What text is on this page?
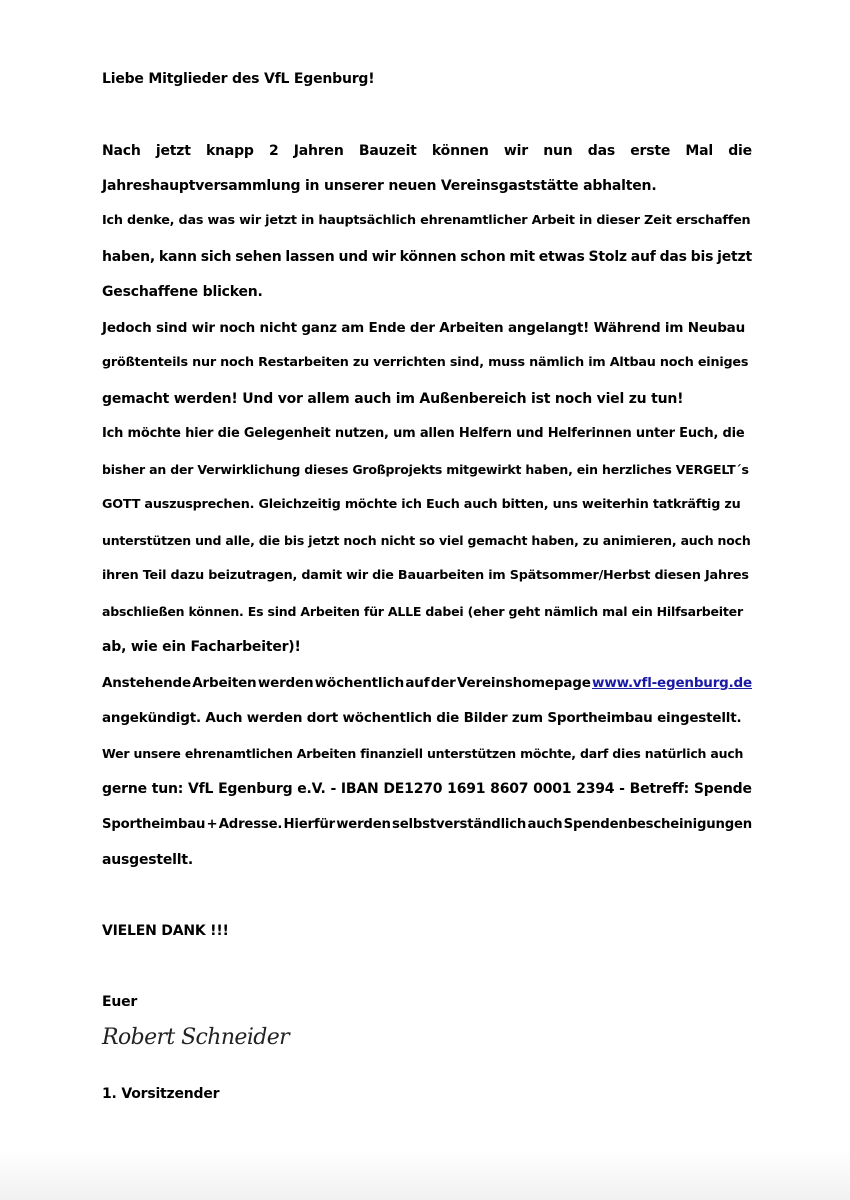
Liebe Mitglieder des VfL Egenburg!
Nach jetzt knapp 2 Jahren Bauzeit können wir nun das erste Mal die
Jahreshauptversammlung in unserer neuen Vereinsgaststätte abhalten.
Ich denke, das was wir jetzt in hauptsächlich ehrenamtlicher Arbeit in dieser Zeit erschaffen
haben, kann sich sehen lassen und wir können schon mit etwas Stolz auf das bis jetzt
Geschaffene blicken.
Jedoch sind wir noch nicht ganz am Ende der Arbeiten angelangt! Während im Neubau
größtenteils nur noch Restarbeiten zu verrichten sind, muss nämlich im Altbau noch einiges
gemacht werden! Und vor allem auch im Außenbereich ist noch viel zu tun!
Ich möchte hier die Gelegenheit nutzen, um allen Helfern und Helferinnen unter Euch, die
bisher an der Verwirklichung dieses Großprojekts mitgewirkt haben, ein herzliches VERGELT´s
GOTT auszusprechen. Gleichzeitig möchte ich Euch auch bitten, uns weiterhin tatkräftig zu
unterstützen und alle, die bis jetzt noch nicht so viel gemacht haben, zu animieren, auch noch
ihren Teil dazu beizutragen, damit wir die Bauarbeiten im Spätsommer/Herbst diesen Jahres
abschließen können. Es sind Arbeiten für ALLE dabei (eher geht nämlich mal ein Hilfsarbeiter
ab, wie ein Facharbeiter)!
Anstehende Arbeiten werden wöchentlich auf der Vereinshomepage www.vfl-egenburg.de
angekündigt. Auch werden dort wöchentlich die Bilder zum Sportheimbau eingestellt.
Wer unsere ehrenamtlichen Arbeiten finanziell unterstützen möchte, darf dies natürlich auch
gerne tun: VfL Egenburg e.V. - IBAN DE1270 1691 8607 0001 2394 - Betreff: Spende
Sportheimbau + Adresse. Hierfür werden selbstverständlich auch Spendenbescheinigungen
ausgestellt.
VIELEN DANK !!!
Euer
Robert Schneider
1. Vorsitzender
